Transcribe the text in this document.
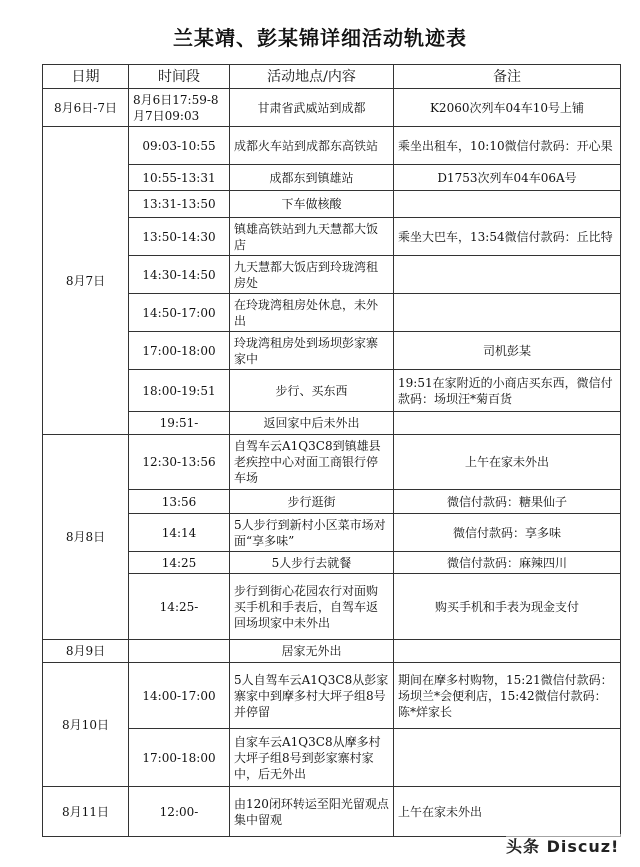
兰某靖、彭某锦详细活动轨迹表
日期	时间段	活动地点/内容	备注
8月6日-7日	8月6日17:59-8月7日09:03	甘肃省武威站到成都	K2060次列车04车10号上铺
8月7日	09:03-10:55	成都火车站到成都东高铁站	乘坐出租车，10:10微信付款码：开心果
	10:55-13:31	成都东到镇雄站	D1753次列车04车06A号
	13:31-13:50	下车做核酸	
	13:50-14:30	镇雄高铁站到九天慧都大饭店	乘坐大巴车，13:54微信付款码：丘比特
	14:30-14:50	九天慧都大饭店到玲珑湾租房处	
	14:50-17:00	在玲珑湾租房处休息，未外出	
	17:00-18:00	玲珑湾租房处到场坝彭家寨家中	司机彭某
	18:00-19:51	步行、买东西	19:51在家附近的小商店买东西，微信付款码：场坝汪*菊百货
	19:51-	返回家中后未外出	
8月8日	12:30-13:56	自驾车云A1Q3C8到镇雄县老疾控中心对面工商银行停车场	上午在家未外出
	13:56	步行逛街	微信付款码：糖果仙子
	14:14	5人步行到新村小区菜市场对面“享多味”	微信付款码：享多味
	14:25	5人步行去就餐	微信付款码：麻辣四川
	14:25-	步行到街心花园农行对面购买手机和手表后，自驾车返回场坝家中未外出	购买手机和手表为现金支付
8月9日		居家无外出	
8月10日	14:00-17:00	5人自驾车云A1Q3C8从彭家寨家中到摩多村大坪子组8号并停留	期间在摩多村购物，15:21微信付款码：场坝兰*会便利店，15:42微信付款码：陈*烊家长
	17:00-18:00	自家车云A1Q3C8从摩多村大坪子组8号到彭家寨村家中，后无外出	
8月11日	12:00-	由120闭环转运至阳光留观点集中留观	上午在家未外出
头条 Discuz!
